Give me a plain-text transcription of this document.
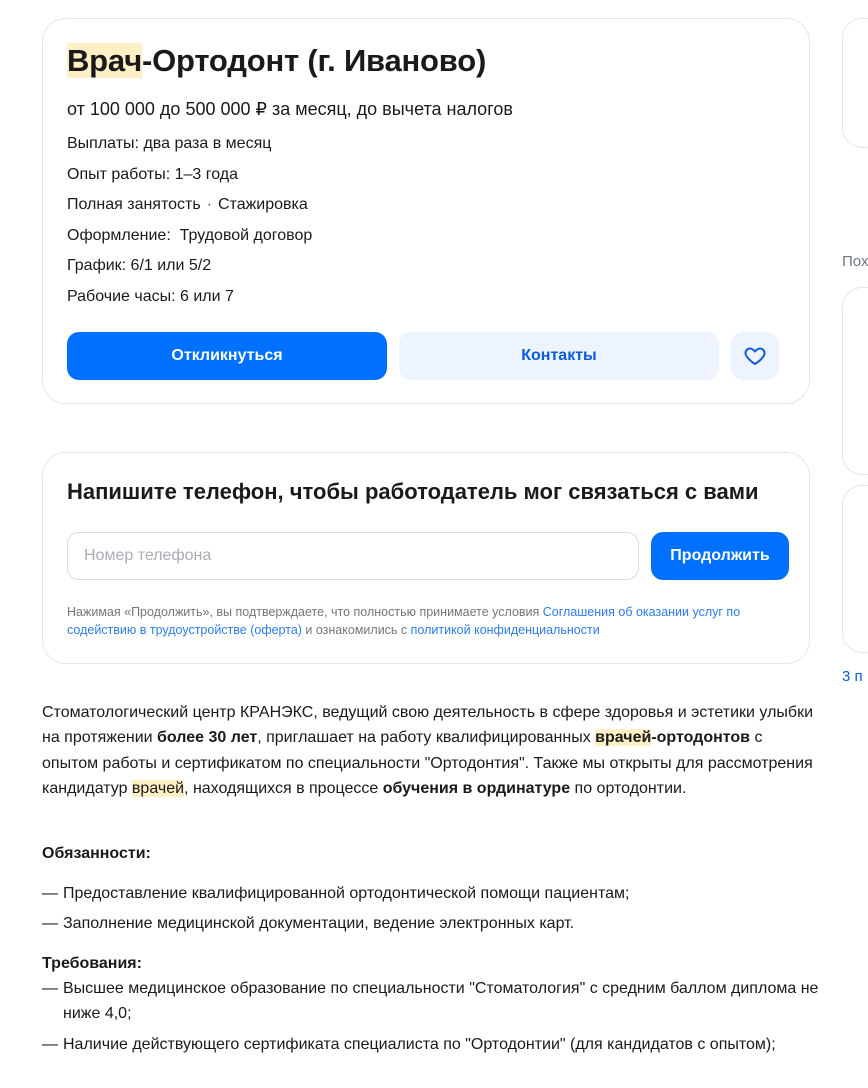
Врач-Ортодонт (г. Иваново)
от 100 000 до 500 000 ₽ за месяц, до вычета налогов
Выплаты: два раза в месяц
Опыт работы: 1–3 года
Полная занятость · Стажировка
Оформление:  Трудовой договор
График: 6/1 или 5/2
Рабочие часы: 6 или 7
Откликнуться	Контакты
Напишите телефон, чтобы работодатель мог связаться с вами
Номер телефона
Продолжить
Нажимая «Продолжить», вы подтверждаете, что полностью принимаете условия Соглашения об оказании услуг по содействию в трудоустройстве (оферта) и ознакомились с политикой конфиденциальности

Стоматологический центр КРАНЭКС, ведущий свою деятельность в сфере здоровья и эстетики улыбки на протяжении более 30 лет, приглашает на работу квалифицированных врачей-ортодонтов с опытом работы и сертификатом по специальности "Ортодонтия". Также мы открыты для рассмотрения кандидатур врачей, находящихся в процессе обучения в ординатуре по ортодонтии.

Обязанности:
— Предоставление квалифицированной ортодонтической помощи пациентам;
— Заполнение медицинской документации, ведение электронных карт.
Требования:
— Высшее медицинское образование по специальности "Стоматология" с средним баллом диплома не ниже 4,0;
— Наличие действующего сертификата специалиста по "Ортодонтии" (для кандидатов с опытом);
Пох
3 п
